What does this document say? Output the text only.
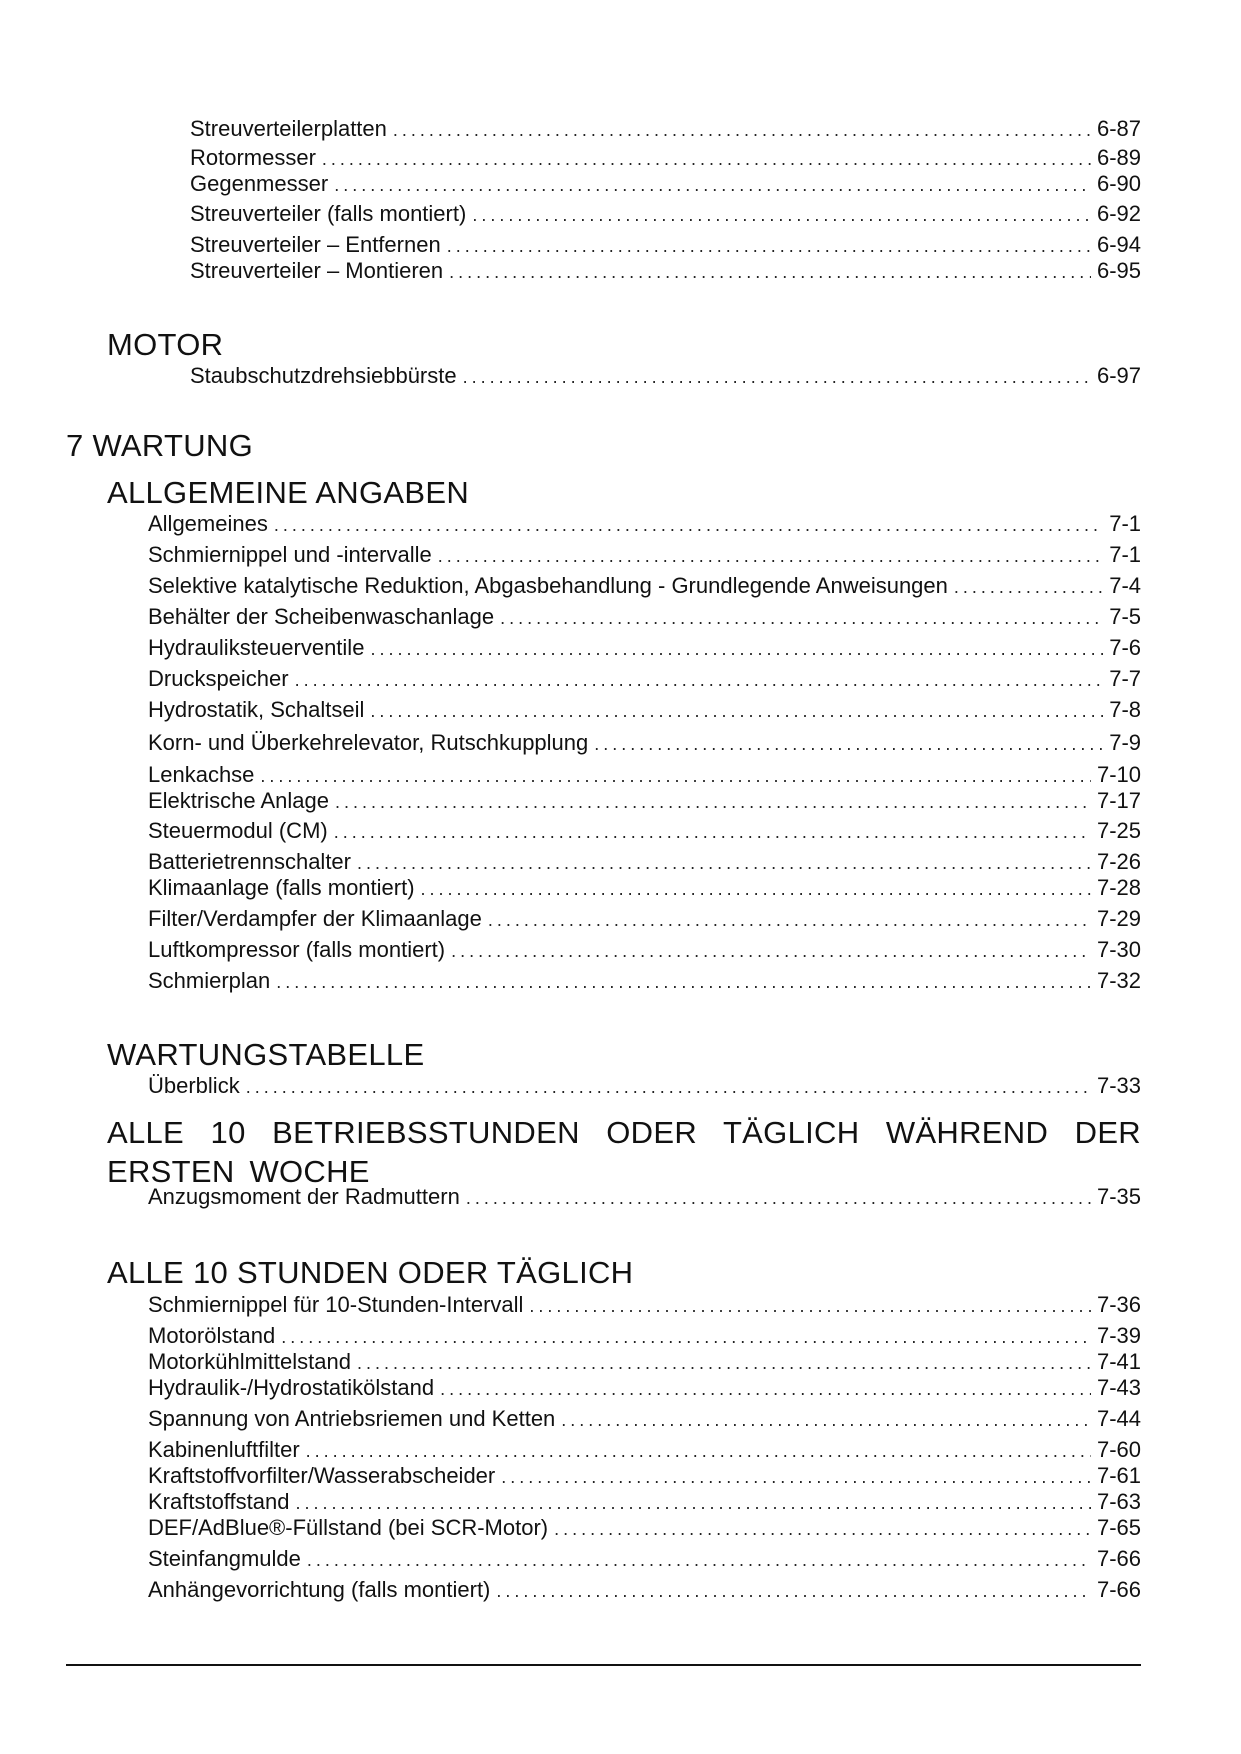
Streuverteilerplatten . . .	6-87
Rotormesser . . .	6-89
Gegenmesser . . .	6-90
Streuverteiler (falls montiert) . . .	6-92
Streuverteiler – Entfernen . . .	6-94
Streuverteiler – Montieren . . .	6-95
MOTOR
Staubschutzdrehsiebbürste . . .	6-97
7 WARTUNG
ALLGEMEINE ANGABEN
Allgemeines . . .	7-1
Schmiernippel und -intervalle . . .	7-1
Selektive katalytische Reduktion, Abgasbehandlung - Grundlegende Anweisungen . . .	7-4
Behälter der Scheibenwaschanlage . . .	7-5
Hydrauliksteuerventile . . .	7-6
Druckspeicher . . .	7-7
Hydrostatik, Schaltseil . . .	7-8
Korn- und Überkehrelevator, Rutschkupplung . . .	7-9
Lenkachse . . .	7-10
Elektrische Anlage . . .	7-17
Steuermodul (CM) . . .	7-25
Batterietrennschalter . . .	7-26
Klimaanlage (falls montiert) . . .	7-28
Filter/Verdampfer der Klimaanlage . . .	7-29
Luftkompressor (falls montiert) . . .	7-30
Schmierplan . . .	7-32
WARTUNGSTABELLE
Überblick . . .	7-33
ALLE 10 BETRIEBSSTUNDEN ODER TÄGLICH WÄHREND DER ERSTEN WOCHE
Anzugsmoment der Radmuttern . . .	7-35
ALLE 10 STUNDEN ODER TÄGLICH
Schmiernippel für 10-Stunden-Intervall . . .	7-36
Motorölstand . . .	7-39
Motorkühlmittelstand . . .	7-41
Hydraulik-/Hydrostatikölstand . . .	7-43
Spannung von Antriebsriemen und Ketten . . .	7-44
Kabinenluftfilter . . .	7-60
Kraftstoffvorfilter/Wasserabscheider . . .	7-61
Kraftstoffstand . . .	7-63
DEF/AdBlue®-Füllstand (bei SCR-Motor) . . .	7-65
Steinfangmulde . . .	7-66
Anhängevorrichtung (falls montiert) . . .	7-66
